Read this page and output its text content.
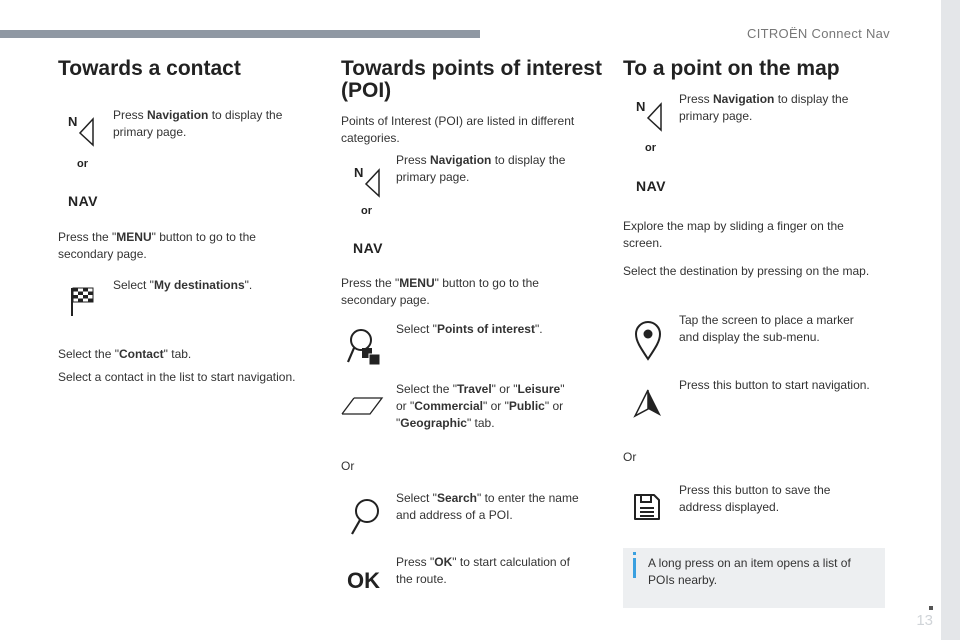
CITROËN Connect Nav
13
Towards a contact
N	Press Navigation to display the primary page.
or
NAV
Press the "MENU" button to go to the secondary page.
Select "My destinations".
Select the "Contact" tab.
Select a contact in the list to start navigation.
Towards points of interest
(POI)
Points of Interest (POI) are listed in different categories.
N
Press Navigation to display the primary page.
or
NAV
Press the "MENU" button to go to the secondary page.
Select "Points of interest".
Select the "Travel" or "Leisure"
or "Commercial" or "Public" or
"Geographic" tab.
Or
Select "Search" to enter the name and address of a POI.
OK
Press "OK" to start calculation of the route.
To a point on the map
N	Press Navigation to display the primary page.
or
NAV
Explore the map by sliding a finger on the screen.
Select the destination by pressing on the map.
Tap the screen to place a marker and display the sub-menu.
Press this button to start navigation.
Or
Press this button to save the address displayed.
A long press on an item opens a list of POIs nearby.
